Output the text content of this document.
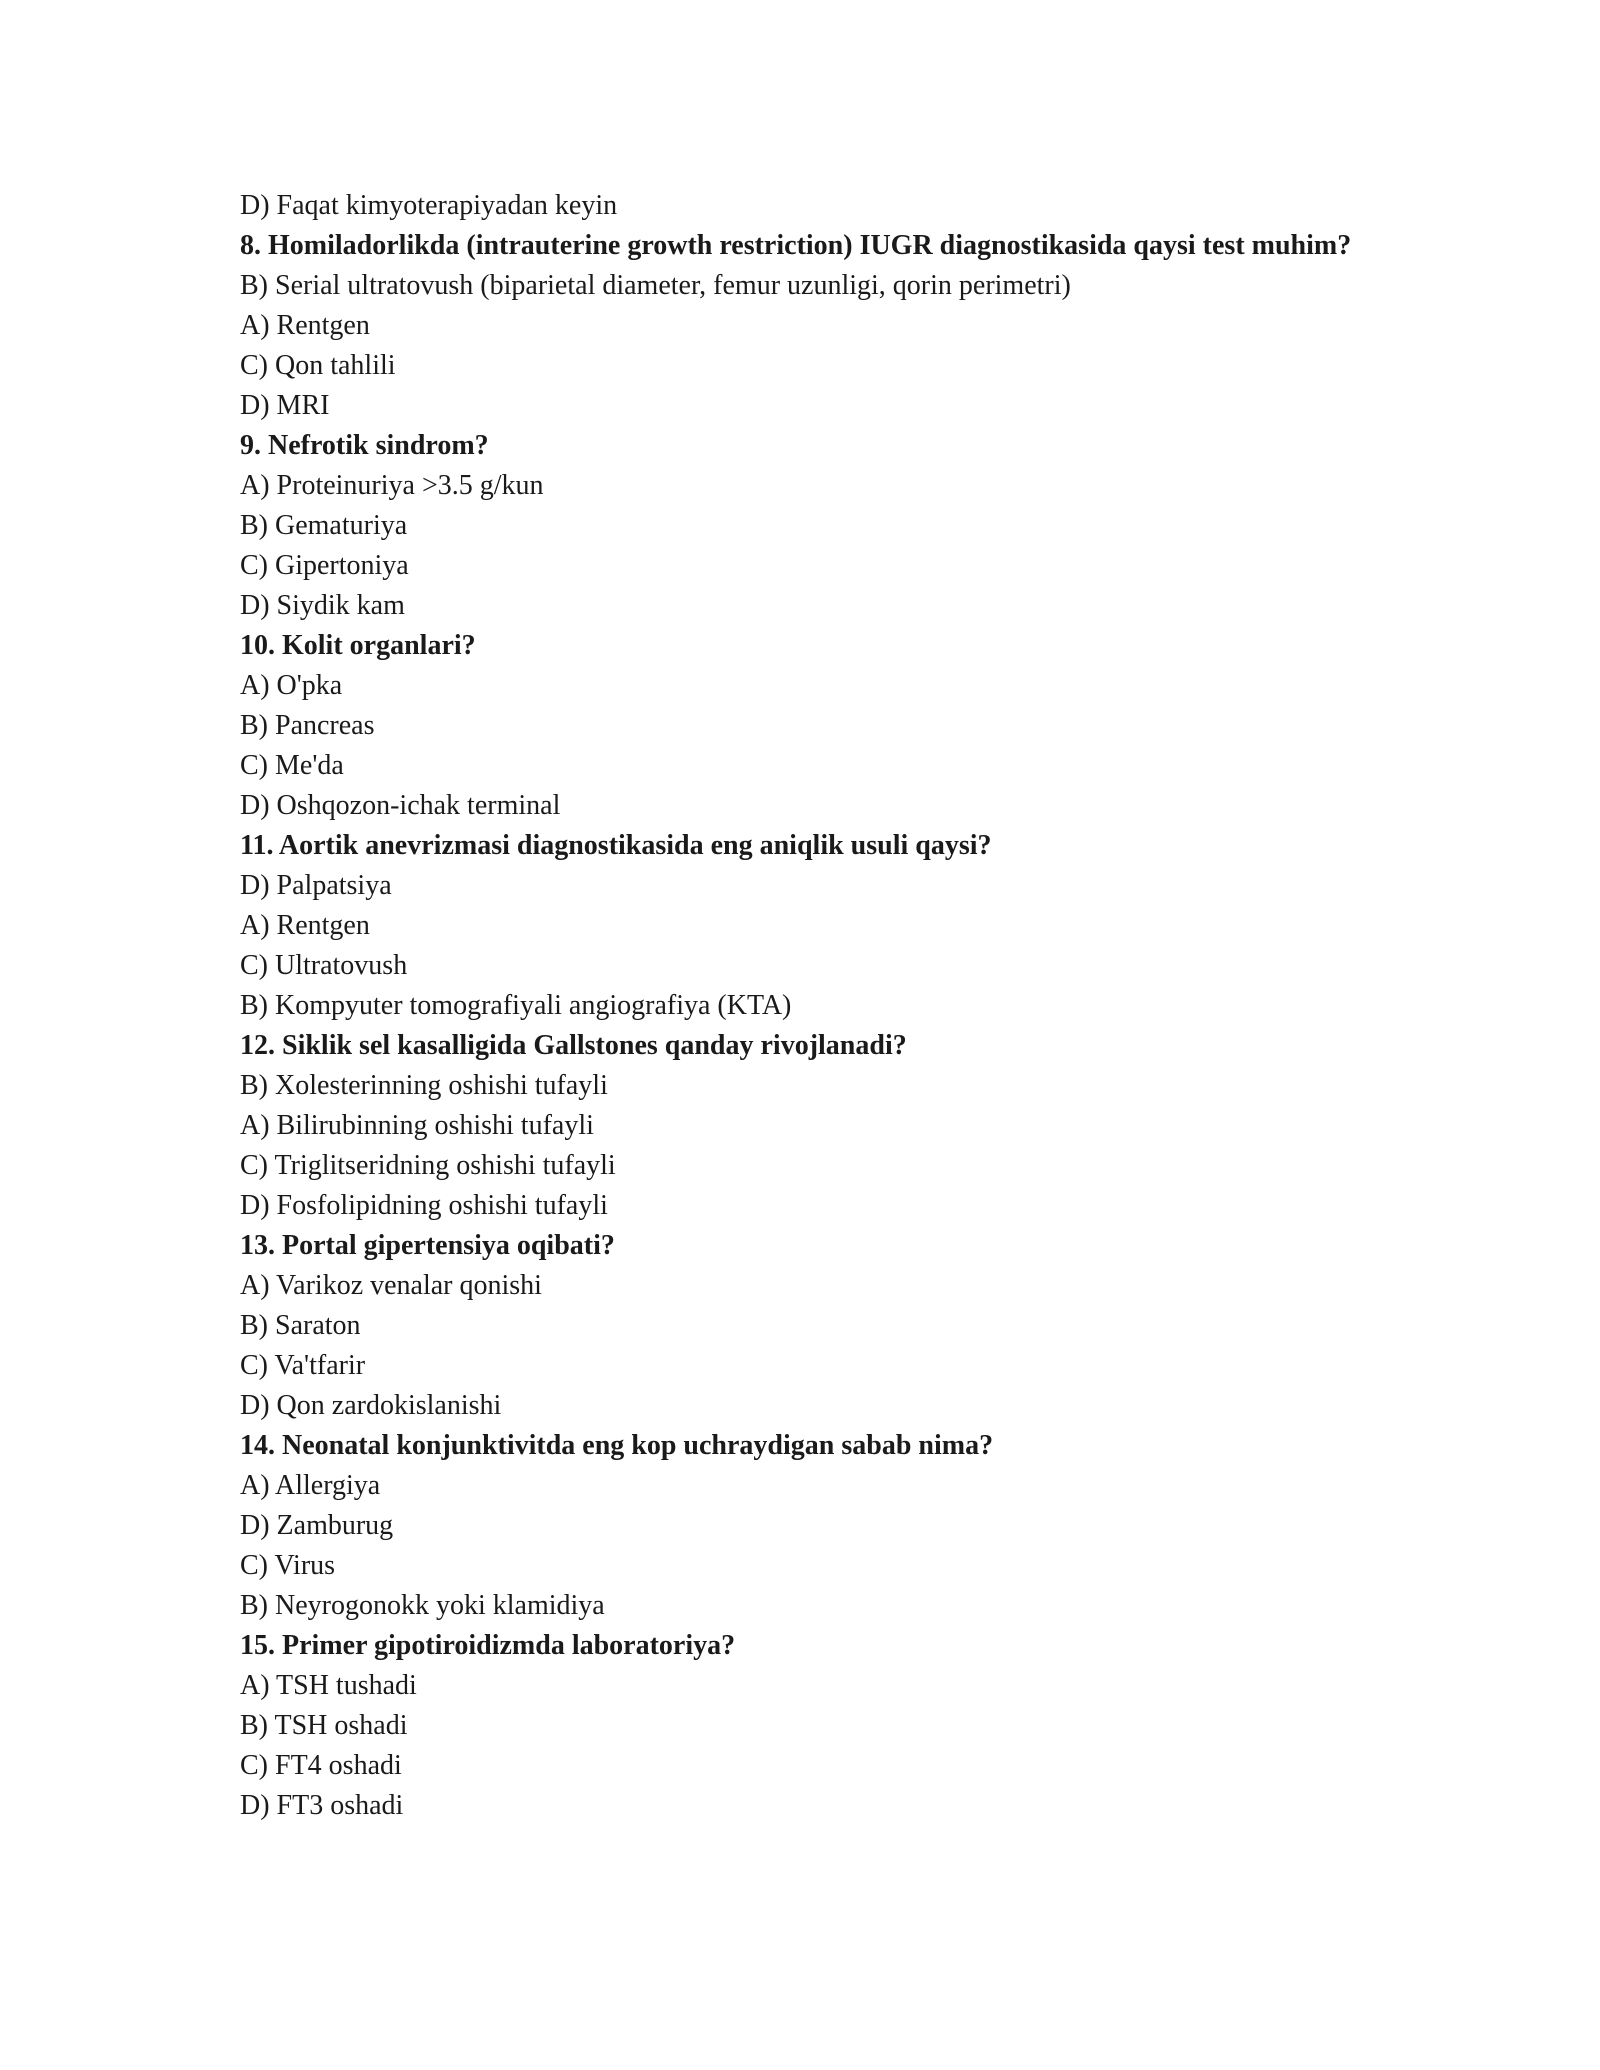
D) Faqat kimyoterapiyadan keyin
8. Homiladorlikda (intrauterine growth restriction) IUGR diagnostikasida qaysi test muhim?
B) Serial ultratovush (biparietal diameter, femur uzunligi, qorin perimetri)
A) Rentgen
C) Qon tahlili
D) MRI
9. Nefrotik sindrom?
A) Proteinuriya >3.5 g/kun
B) Gematuriya
C) Gipertoniya
D) Siydik kam
10. Kolit organlari?
A) O'pka
B) Pancreas
C) Me'da
D) Oshqozon-ichak terminal
11. Aortik anevrizmasi diagnostikasida eng aniqlik usuli qaysi?
D) Palpatsiya
A) Rentgen
C) Ultratovush
B) Kompyuter tomografiyali angiografiya (KTA)
12. Siklik sel kasalligida Gallstones qanday rivojlanadi?
B) Xolesterinning oshishi tufayli
A) Bilirubinning oshishi tufayli
C) Triglitseridning oshishi tufayli
D) Fosfolipidning oshishi tufayli
13. Portal gipertensiya oqibati?
A) Varikoz venalar qonishi
B) Saraton
C) Va'tfarir
D) Qon zardokislanishi
14. Neonatal konjunktivitda eng kop uchraydigan sabab nima?
A) Allergiya
D) Zamburug
C) Virus
B) Neyrogonokk yoki klamidiya
15. Primer gipotiroidizmda laboratoriya?
A) TSH tushadi
B) TSH oshadi
C) FT4 oshadi
D) FT3 oshadi
